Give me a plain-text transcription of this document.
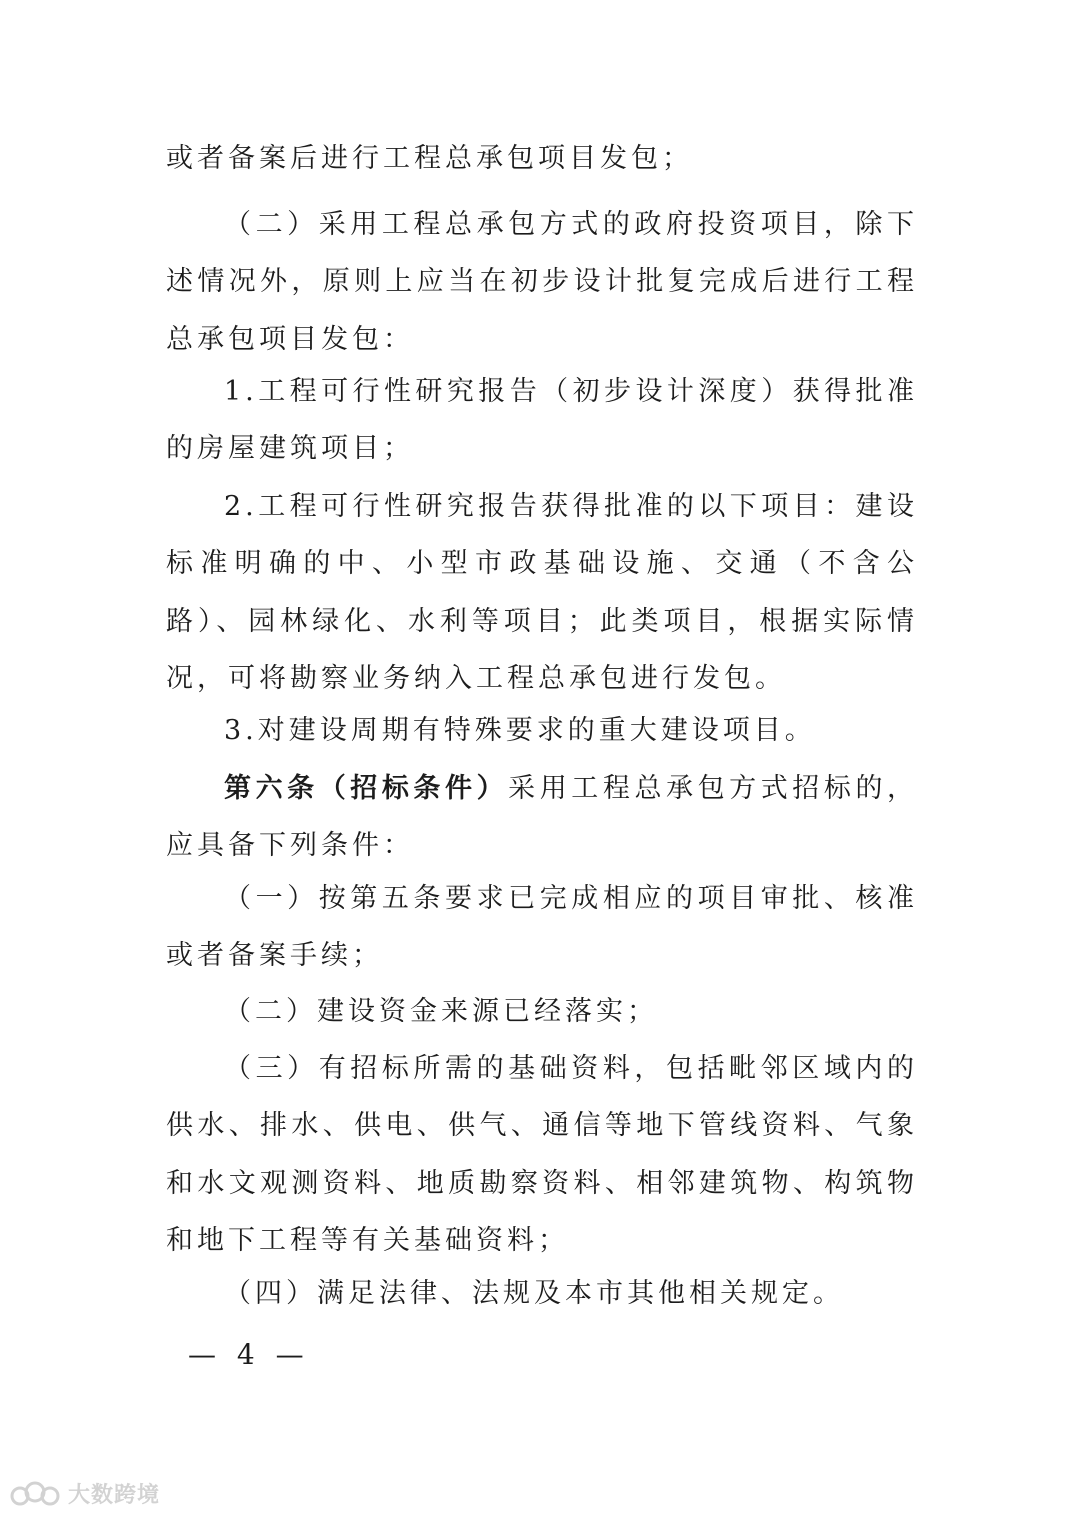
或者备案后进行工程总承包项目发包；

（二）采用工程总承包方式的政府投资项目，除下述情况外，原则上应当在初步设计批复完成后进行工程总承包项目发包：

1.工程可行性研究报告（初步设计深度）获得批准的房屋建筑项目；

2.工程可行性研究报告获得批准的以下项目：建设标准明确的中、小型市政基础设施、交通（不含公路）、园林绿化、水利等项目；此类项目，根据实际情况，可将勘察业务纳入工程总承包进行发包。

3.对建设周期有特殊要求的重大建设项目。

第六条（招标条件）采用工程总承包方式招标的，应具备下列条件：

（一）按第五条要求已完成相应的项目审批、核准或者备案手续；

（二）建设资金来源已经落实；

（三）有招标所需的基础资料，包括毗邻区域内的供水、排水、供电、供气、通信等地下管线资料、气象和水文观测资料、地质勘察资料、相邻建筑物、构筑物和地下工程等有关基础资料；

（四）满足法律、法规及本市其他相关规定。

— 4 —

大数跨境
